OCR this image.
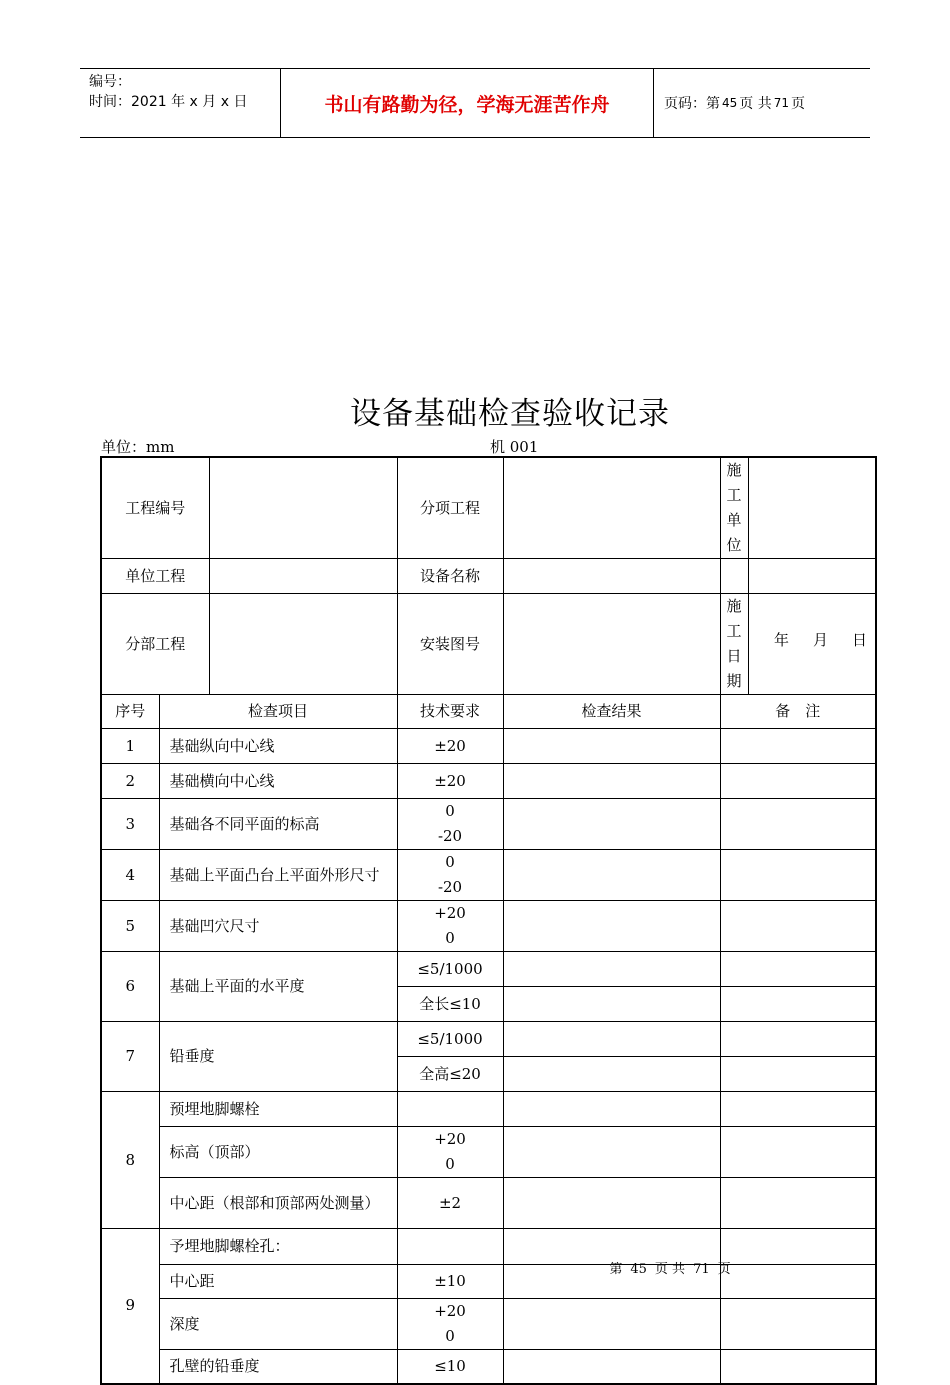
编号：
时间：2021 年 x 月 x 日	书山有路勤为径，学海无涯苦作舟	页码：第 45 页 共 71 页
设备基础检查验收记录
单位：mm	机 001
工程编号			分项工程		施工单位	
单位工程			设备名称			
分部工程			安装图号		施工日期	年 月 日

序号	检查项目		技术要求	检查结果	备　注	
1	基础纵向中心线		±20			
2	基础横向中心线		±20			
3	基础各不同平面的标高		0
-20			

4	基础上平面凸台上平面外形尺寸		0
-20			

5	基础凹穴尺寸		+20
0			

6	基础上平面的水平度		≤5/1000			
			全长≤10			
7	铅垂度		≤5/1000			
			全高≤20			
8	预埋地脚螺栓					
	标高（顶部）		+20
0			

	中心距（根部和顶部两处测量）		±2			
9	予埋地脚螺栓孔：					
	中心距		±10			
	深度		+20
0			

	孔壁的铅垂度		≤10			
第 45 页 共 71 页
